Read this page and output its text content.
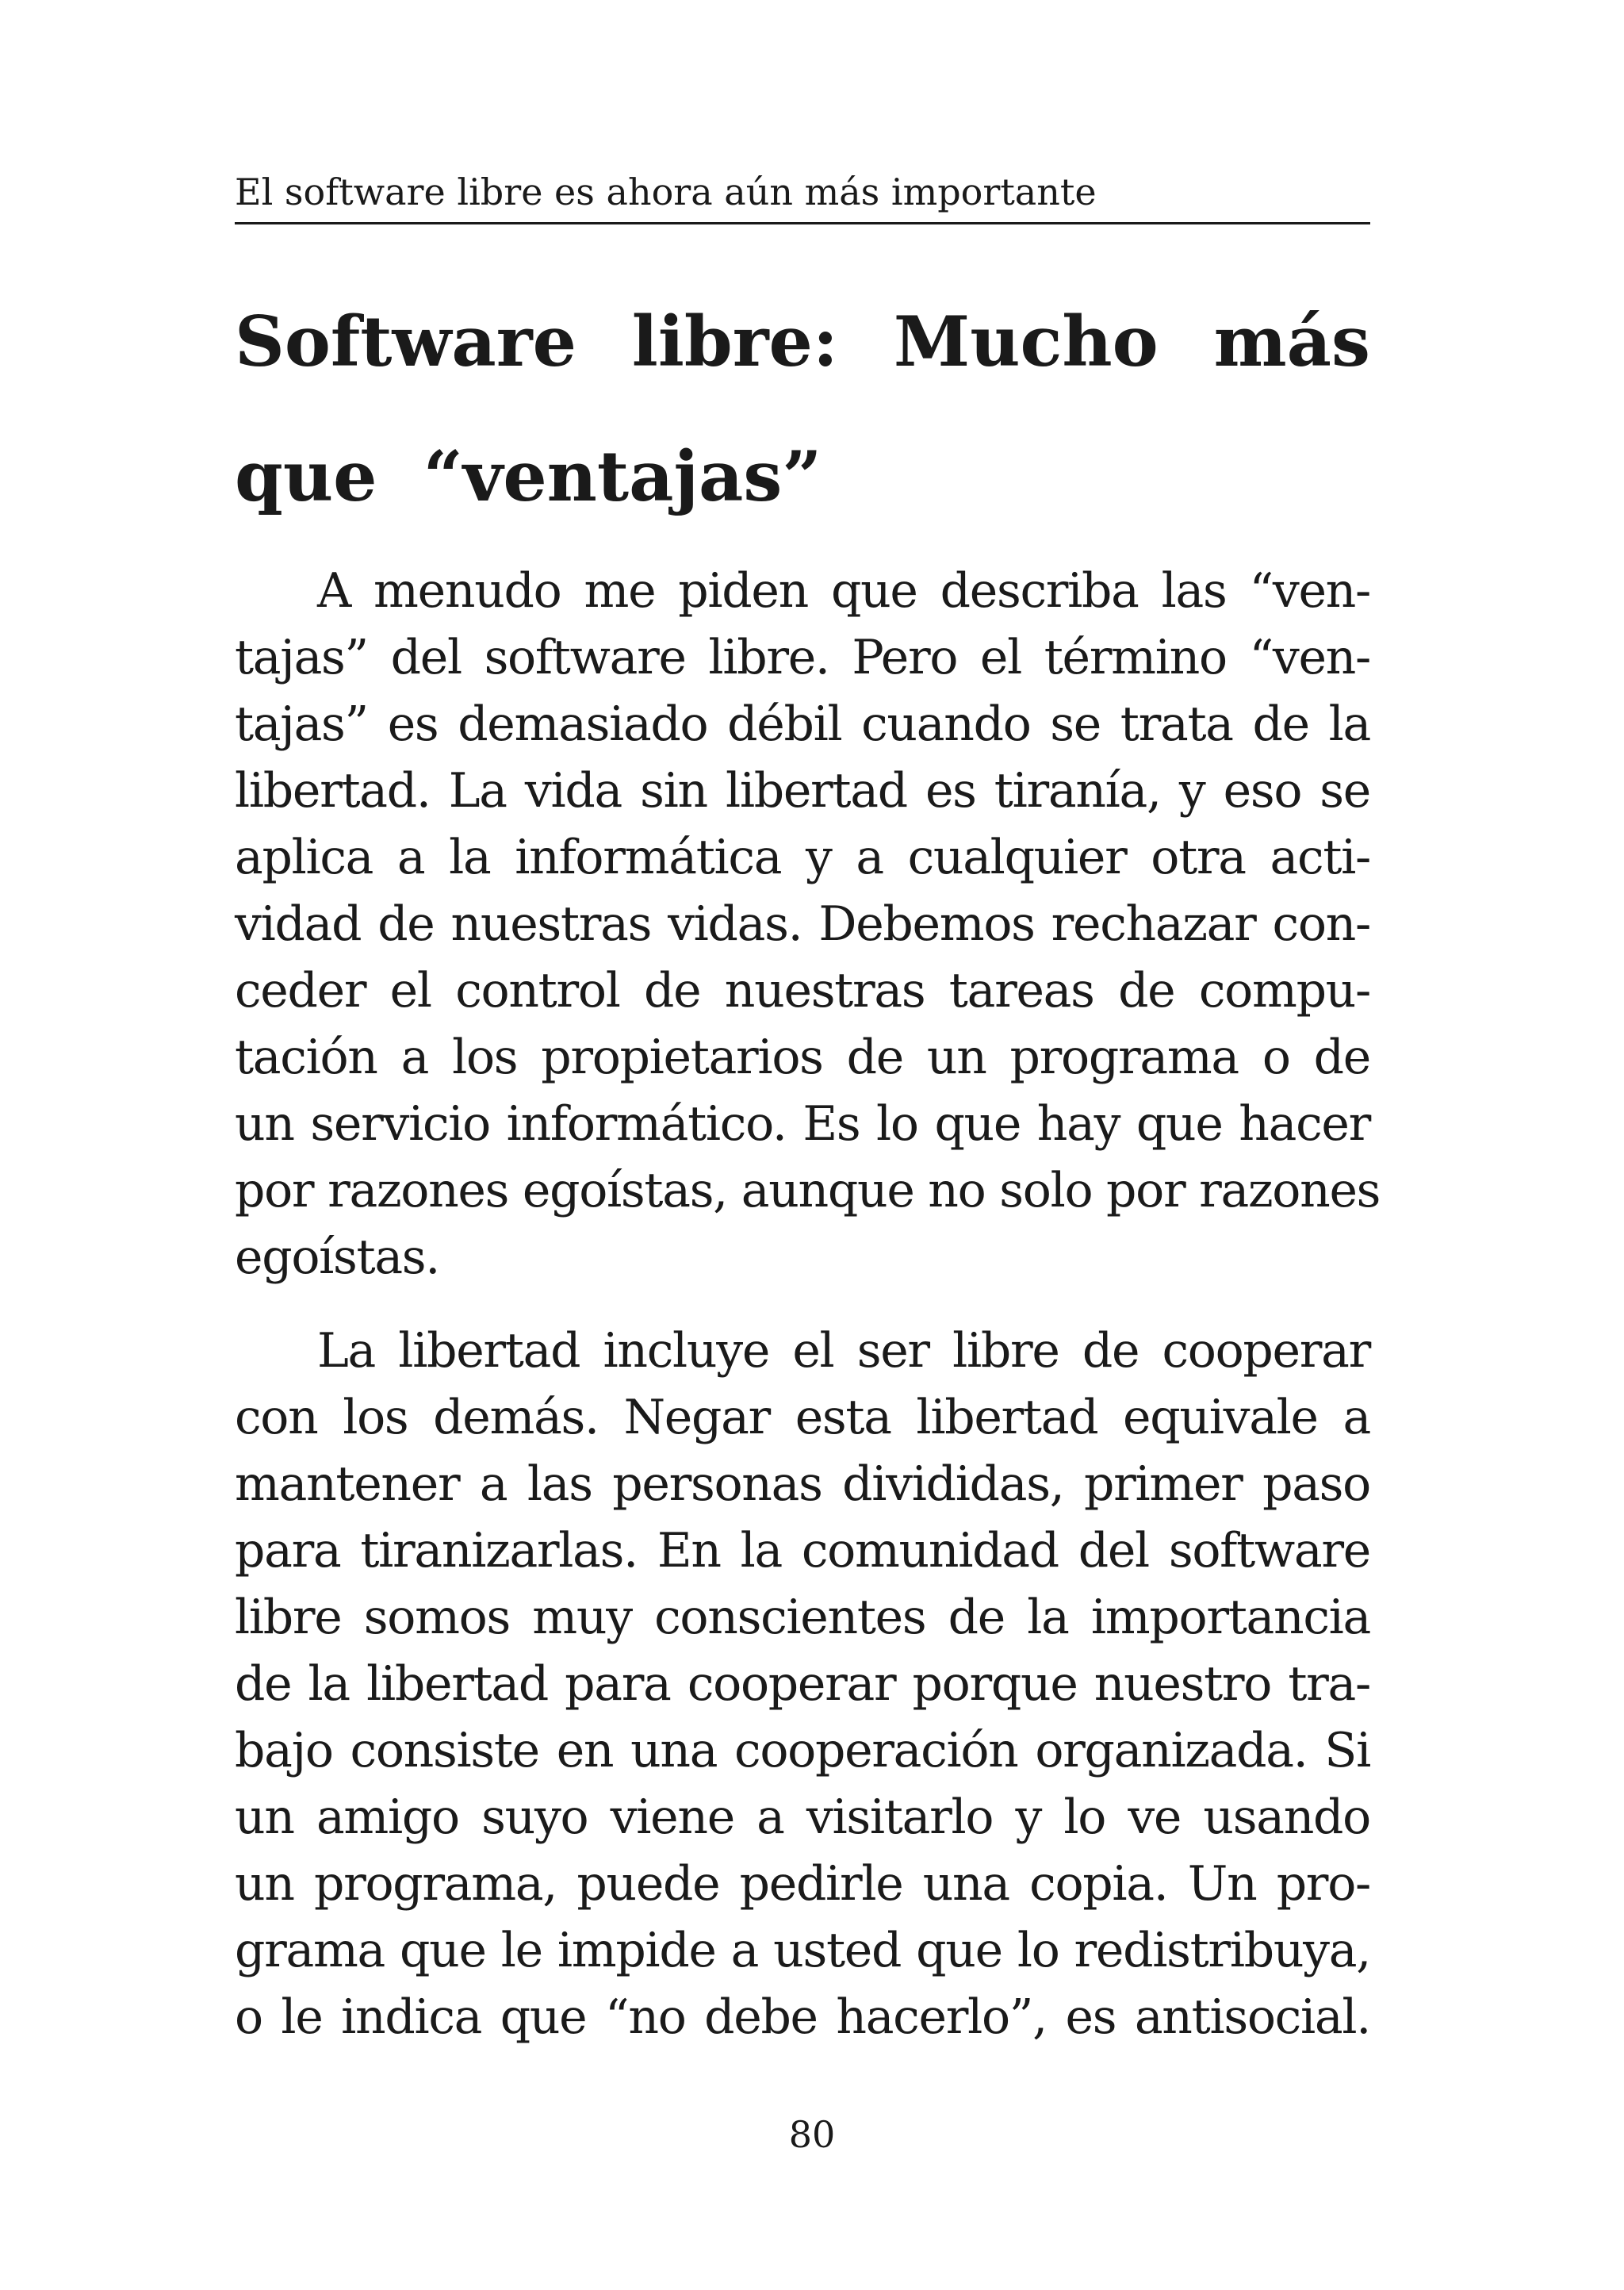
El software libre es ahora aún más importante
Software libre: Mucho más
que “ventajas”
A menudo me piden que describa las “ven-
tajas” del software libre. Pero el término “ven-
tajas” es demasiado débil cuando se trata de la
libertad. La vida sin libertad es tiranía, y eso se
aplica a la informática y a cualquier otra acti-
vidad de nuestras vidas. Debemos rechazar con-
ceder el control de nuestras tareas de compu-
tación a los propietarios de un programa o de
un servicio informático. Es lo que hay que hacer
por razones egoístas, aunque no solo por razones
egoístas.
La libertad incluye el ser libre de cooperar
con los demás. Negar esta libertad equivale a
mantener a las personas divididas, primer paso
para tiranizarlas. En la comunidad del software
libre somos muy conscientes de la importancia
de la libertad para cooperar porque nuestro tra-
bajo consiste en una cooperación organizada. Si
un amigo suyo viene a visitarlo y lo ve usando
un programa, puede pedirle una copia. Un pro-
grama que le impide a usted que lo redistribuya,
o le indica que “no debe hacerlo”, es antisocial.
80
